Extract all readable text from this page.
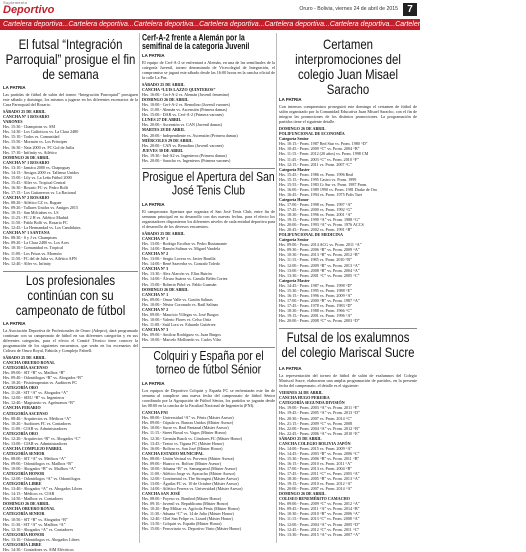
Suplemento
Deportivo	Oruro - Bolivia, viernes 24 de abril de 2015 7
Cartelera deportiva...Cartelera deportiva...Cartelera deportiva...Cartelera deportiva...Cartelera deportiva...Cartelera deportiva...Cartelera deportiva...Cartelera deportiva...
El futsal “Integración Parroquial” prosigue el fin de semana
LA PATRIA

Las partidas de fútbol de salón del torneo “Integración Parroquial” prosiguen este sábado y domingo, los mismos a jugarse en los diferentes escenarios de la Casa Parroquial del Rosario.

SÁBADO 25 DE ABRIL
CANCHA Nº 1 ROSARIO
VARONES
Hrs. 15:30.- Champions vs. SM
Hrs. 14:30.- Los Galácticos vs. La Clara 2480
Hrs. 15:10.- Todos vs. Comunidad
Hrs. 15:50.- Mormón vs. Los Príncipes
Hrs. 16:30.- Naia 2000 vs. FC Gol de Juilia
Hrs. 17:10.- Inifinity vs. Atlético
DOMINGO 26 DE ABRIL
CANCHA Nº 1 ROSARIO
Hrs. 13:10.- Jamáca 2000 vs. Chapoguay
Hrs. 14:15.- Amigos 2000 vs. Tallenso Unidos
Hrs. 15:00.- Lily vs. La Leña Fútbol 2000
Hrs. 15:45.- Alfer vs. Tropical Central
Hrs. 16:30.- Rosario FC vs. Pedro Bolfi
Hrs. 17:15.- Los Guitarreros vs. La Racional
CANCHA Nº 2 ROSARIO
Hrs. 08:20.- Atlético CZ vs. Ruguer
Hrs. 09:20.- Tallares Unidos vs. Amigos 2015
Hrs. 10:15.- San Milciabes vs. LS
Hrs. 11:25.- FC 2 H vs. Atlético Madrid
Hrs. 11:50.- Pablo Bolfi vs. Rosario FC
Hrs. 12:45.- La Hermandad vs. Los Candidatos
CANCHA Nº 1 SANTANA
Hrs. 08:30.- S y J vs. Champions
Hrs. 09:20.- La Clara 2480 vs. Los Aces
Hrs. 10:10.- Comunidad vs. Tropical
Hrs. 11:00.- Los Prisas vs. Mormón
Hrs. 11:50.- FC del de Julia vs. Atlético APN
Hrs. 12:40.- Alfer vs. Infinity
Los profesionales continúan con su campeonato de fútbol
LA PATRIA

La Asociación Deportiva de Profesionales de Oruro (Adepro), dará programado continuar con su campeonato de fútbol en sus diferentes categorías y en sus diferentes categorías, para el efecto el Comité Técnico tiene conocer la programación de los siguientes encuentros, que serán en los escenarios del Coliseo de Oruro Royal, Fabiola y Complejo Fabrell.

SÁBADO 25 DE ABRIL
CANCHA OBUERO ROYAL
CATEGORÍA ASCENSO
Hrs. 09:00.- SIT “B” vs. Mailbox “B”
Hrs. 09:40.- Odontólogos “B” vs. Abogados “B”
Hrs. 10:20.- Fisioterapeutas vs. Auditores FC
CATEGORÍA ORO
Hrs. 11:20.- SIT “A” vs. Abogados “A”
Hrs. 12:00.- SIEU “B” vs. Ingenieros
Hrs. 12:40.- Magisterio vs. Agrónomos “B”
CANCHA FERARIO
CATEGORÍA ASCENSO
Hrs. 08:40.- Arquitectos vs. Médicos “A”
Hrs. 10:20.- Auditores FC vs. Contadores
Hrs. 11:00.- CIAB vs. Administradores
CATEGORÍA ORO
Hrs. 12:20.- Arquitectos “B” vs. Abogados “C”
Hrs. 13:00.- CIAB vs. Administradores
CANCHA COMPLEJO FABREL
CATEGORÍA SENIOR
Hrs. 08:00.- SIT “A” vs. Médicos “A”
Hrs. 09:00.- Odontólogos vs. Mailbox “B”
Hrs. 10:00.- Abogados “B” vs. Mailbox “A”
CATEGORÍA HONOR
Hrs. 12:00.- Odontólogos “A” vs. Odontólogos
CATEGORÍA LIBRE
Hrs. 13:40.- Abogados “A” vs. Abogados Libres
Hrs. 14:15.- Médicos vs. CIAB
Hrs. 14:50.- Mailbox vs. Contadores
DOMINGO 26 DE ABRIL
CANCHA OBUERO ROYAL
CATEGORÍA SENIOR
Hrs. 10:50.- SIT “B” vs. Abogados “B”
Hrs. 11:30.- SIT “A” vs. Mailbox “A”
Hrs. 12:10.- Abogados “A” vs. Contadores
CATEGORÍA HONOR
Hrs. 13:10.- Odontólogos vs. Abogados Libres
CATEGORÍA LIBRE
Hrs. 14:30.- Contadores vs. SIM Eléctricos
Cerf-A-2 frente a Alemán por la semifinal de la categoría Juvenil
LA PATRIA

El equipo de Cerf-A-2 se enfrentará a Alemán, en una de las semifinales de la categoría Juvenil, torneo denominado de Vicecolegial de Integración, el compromiso se jugará este sábado desde las 16:00 horas en la cancha oficial de la calle La Paz.

SÁBADO 25 DE ABRIL
CANCHA “LUIS LAZZO QUINTEROS”
Hrs. 16:00.- Cerf-A-2 vs. Alemán (Juvenil femenino)
DOMINGO 26 DE ABRIL
Hrs. 10:00.- Cerf-A-2 vs. Remolino (Juvenil varones)
Hrs. 11:00.- Alemán vs. Ascensión (Primera damas)
Hrs. 15:00.- DAR vs. Cerf-A-2 (Primera varones)
LUNES 27 DE ABRIL
Hrs. 20:00.- Ascensión vs. CAN (Juvenil damas)
MARTES 28 DE ABRIL
Hrs. 20:00.- Independiente vs. Ascensión (Primera damas)
MIÉRCOLES 29 DE ABRIL
Hrs. 20:00.- CAN vs. Remolino (Juvenil varones)
JUEVES 30 DE ABRIL
Hrs. 19:30.- Ind-A2 vs. Ingenieros (Primera damas)
Hrs. 20:00.- Saracho vs. Ingenieros (Primera varones)
Prosigue el Apertura del San José Tenis Club
LA PATRIA

El campeonato Apertura que organiza el San José Tenis Club, entre fin de semanas principal en su desarrollo con dos nuevas fechas, para el efecto los organizadores disponieron los diferentes niveles de cada entidad deportiva para el desarrollo de los diversos encuentros.

SÁBADO 25 DE ABRIL
CANCHA Nº 1
Hrs. 13:00.- Rodrigo Escóbar vs. Pedro Bustamante
Hrs. 14:00.- Ramón Salinas vs. Miguel Vaudela
CANCHA Nº 2
Hrs. 13:00.- Sergio Lovera vs. Javier Bonilla
Hrs. 14:00.- René Saavedra vs. Gonzalo Toledo
CANCHA Nº 3
Hrs. 13:30.- Alex Alarcón vs. Elías Butrón
Hrs. 14:00.- Álvaro Suárez vs. Camilo Belén Cortez
Hrs. 15:00.- Roberto Piñol vs. Pablo Guzmán
DOMINGO 26 DE ABRIL
CANCHA Nº 1
Hrs. 09:00.- Omar Valle vs. Gastón Salinas
Hrs. 10:00.- Néstor Coronado vs. Raúl Salinas
CANCHA Nº 2
Hrs. 09:00.- Mauricio Villegas vs. José Burgos
Hrs. 10:00.- Valerio Flores vs. Celso Ortiz
Hrs. 11:00.- Saúl Lora vs. Eduardo Gutiérrez
CANCHA Nº 3
Hrs. 09:00.- Amilcar Rodríguez vs. Juan Burgos
Hrs. 10:00.- Marcelo Mollinedo vs. Carlos Vilar
Colquiri y España por el torneo de fútbol Sénior
LA PATRIA

Los equipos de Deportivo Colquiri y España FC se enfrentarán este fin de semana al cumplirse una nueva fecha del campeonato de fútbol Sénior coordinado por la Agrupación de Fútbol Sénior, los partidos se jugarán desde las 08:00 en la cancha de la Facultad Nacional de Ingeniería (FNI).

CANCHA FNI
Hrs. 08:00.- Universidad “A” vs. Fénix (Máster Asesor)
Hrs. 09:00.- Cúpula vs. Bancas Unidos (Máster Asesor)
Hrs. 10:00.- Sucre vs. Real Pantanal (Máster Asesor)
Hrs. 11:15.- Street Boxul vs. Vagos (Máster Honor)
Hrs. 12:30.- Germán Busch vs. Cóndores FC (Máster Honor)
Hrs. 13:45.- Teatro vs. Tiguna FC (Máster Honor)
Hrs. 16:00.- Bolívar vs. San José (Máster Honor)
CANCHA ESTADIO MUNICIPAL
Hrs. 08:00.- Unión Vecinal vs. Porvenir (Máster Asesor)
Hrs. 09:00.- Huarco vs. Bolívar (Máster Asesor)
Hrs. 10:00.- Aduana “B” vs. Sanungueral (Máster Asesor)
Hrs. 11:00.- Atlético Jorge vs. Ayacucho (Máster Asesor)
Hrs. 12:00.- Continental vs. The Strongest (Máster Asesor)
Hrs. 13:00.- Águilas FC vs. 10 de Octubre (Máster Asesor)
Hrs. 14:00.- Atlético Ferrera vs. Universidad (Máster Asesor)
CANCHA SAN JOSÉ
Hrs. 08:00.- Poyeso vs. Bonfind (Máster Honor)
Hrs. 09:10.- Juvenil vs. Republicana (Máster Honor)
Hrs. 10:20.- Rep Militar vs. Agrícola Fénix (Máster Honor)
Hrs. 11:30.- Aduana “C” vs. 14 de Julio (Máster Honor)
Hrs. 12:40.- Chel San Felipe vs. Lizard (Máster Honor)
Hrs. 13:50.- Colquiri vs. España (Máster Honor)
Hrs. 15:00.- Ferroviario vs. Deportivo Vinto (Máster Honor)
Certamen interpromociones del colegio Juan Misael Saracho
LA PATRIA

Con intensos compromisos proseguirá este domingo el certamen de fútbol de salón organizado por la Comunidad Educativa Juan Misael Saracho, con el fin de integrar las promociones de los distintos promociones. La programación de partidos tiene el siguiente detalle.

DOMINGO 26 DE ABRIL
POLIFUNCIONAL DE ECONOMÍA
Categoría Senior
Hrs. 10:15.- Prom. 1987 Red Star vs. Prom. 1980 “D”
Hrs. 10:45.- Prom. 2009 “C” vs. Prom. 2004 “B”
Hrs. 11:15.- Prom. 2012 (20 años) vs. Prom. 1998 CM
Hrs. 11:45.- Prom. 2003 “C” vs. Prom. 2010 “F”
Hrs. 12:15.- Prom. 2011 vs. Prom. 2007 “C”
Categoría Master
Hrs. 15:45.- Prom. 1986 vs. Prom. 1996 Real
Hrs. 15:15.- Prom. 1995 Castro vs. Prom. 1999
Hrs. 15:55.- Prom. 1983 Cr Sur vs. Prom. 1987 Prom.
Hrs. 16:00.- Prom. 1989 1990 vs. Prom. 1981 Drake de Oro
Hrs. 16:45.- Prom. 1994 vs. Prom. 1975 Polis Tuet
Categoría Honor
Hrs. 17:00.- Prom. 1998 vs. Prom. 1997 “A”
Hrs. 17:45.- Prom. 2000 vs. Prom. 1992 “G”
Hrs. 18:30.- Prom. 1996 vs. Prom. 2001 “A”
Hrs. 19:15.- Prom. 1990 “A” vs. Prom. 1988 “G”
Hrs. 20:00.- Prom. 1993 “A” vs. Prom. 1976 ACCS
Hrs. 20:45.- Prom. 2002 vs. Prom. 1991 “B”
POLIFUNCIONAL DE MEDICINA
Categoría Senior
Hrs. 09:00.- Prom. 2014 ACG vs. Prom. 2011 “A”
Hrs. 09:30.- Prom. 2006 “B” vs. Prom. 2009 “A”
Hrs. 10:30.- Prom. 2013 “B” vs. Prom. 2012 “B”
Hrs. 11:15.- Prom. 1985 vs. Prom. 2010 “B”
Hrs. 12:00.- Prom. 2009 “B” vs. Prom. 2013 “A”
Hrs. 13:00.- Prom. 2008 “B” vs. Prom. 2004 “A”
Hrs. 13:30.- Prom. 2001 “C” vs. Prom. 2005 “C”
Categoría Master
Hrs. 14:45.- Prom. 1987 vs. Prom. 1998 “D”
Hrs. 15:30.- Prom. 1995 vs. Prom. 1988 “E”
Hrs. 16:15.- Prom. 1996 vs. Prom. 2009 “A”
Hrs. 17:00.- Prom. 2000 “B” vs. Prom. 1987 “A”
Hrs. 17:45.- Prom. 1978 vs. Prom. 1983 “D”
Hrs. 18:30.- Prom. 1988 vs. Prom. 1966 “C”
Hrs. 19:15.- Prom. 2001 vs. Prom. 1996 “A”
Hrs. 20:00.- Prom. 2008 “C” vs. Prom. 2003 “D”
Futsal de los exalumnos del colegio Mariscal Sucre
LA PATRIA

La representación del torneo de fútbol de salón de exalumnos del Colegio Mariscal Sucre, elaboraron una amplia programación de partidos, en la presente fecha del campeonato, el detalle es el siguiente:

VIERNES 24 DE ABRIL
CANCHA HUGO PEREIRA
CATEGORÍA SEGUNDA DIVISIÓN
Hrs. 19:00.- Prom. 2003 “A” vs. Prom. 2011 “E”
Hrs. 19:45.- Prom. 2005 “A” vs. Prom. 2013 “D”
Hrs. 20:30.- Prom. 2007 vs. Prom. 2014 “C”
Hrs. 21:15.- Prom. 2009 “C” vs. Prom. 2008
Hrs. 22:00.- Prom. 2004 “A” vs. Prom. 2012 “B”
Hrs. 22:45.- Prom. 2006 “A” vs. Prom. 2010 “E”
SÁBADO 25 DE ABRIL
CANCHA COLEGIO BOLIVIA JAPÓN
Hrs. 14:00.- Prom. 2015 vs. Prom. 2009 “A”
Hrs. 14:45.- Prom. 2003 “B” vs. Prom. 2006 “C”
Hrs. 15:30.- Prom. 2006 “B” vs. Prom. 2011 “B”
Hrs. 16:15.- Prom. 2010 vs. Prom. 2011 “A”
Hrs. 17:00.- Prom. 2013 vs. Prom. 2004 “B”
Hrs. 17:45.- Prom. 2011 “C” vs. Prom. 2003 “A”
Hrs. 18:30.- Prom. 2005 “B” vs. Prom. 2013 “A”
Hrs. 19:15.- Prom. 2010 vs. Prom. 2012 “A”
Hrs. 20:00.- Prom. 2007 vs. Prom. 2014 “A”
DOMINGO 26 DE ABRIL
COLISEO BENEMÉRITO CAMACHO
Hrs. 09:00.- Prom. 2009 “C” vs. Prom. 2012 “A”
Hrs. 09:45.- Prom. 2011 “A” vs. Prom. 2014 “B”
Hrs. 10:30.- Prom. 2010 “B” vs. Prom. 2006 “A”
Hrs. 11:15.- Prom. 2013 “C” vs. Prom. 2008 “A”
Hrs. 12:00.- Prom. 2004 “A” vs. Prom. 2005 “D”
Hrs. 12:45.- Prom. 2012 “C” vs. Prom. 2011 “C”
Hrs. 13:30.- Prom. 2015 “A” vs. Prom. 2007 “A”
